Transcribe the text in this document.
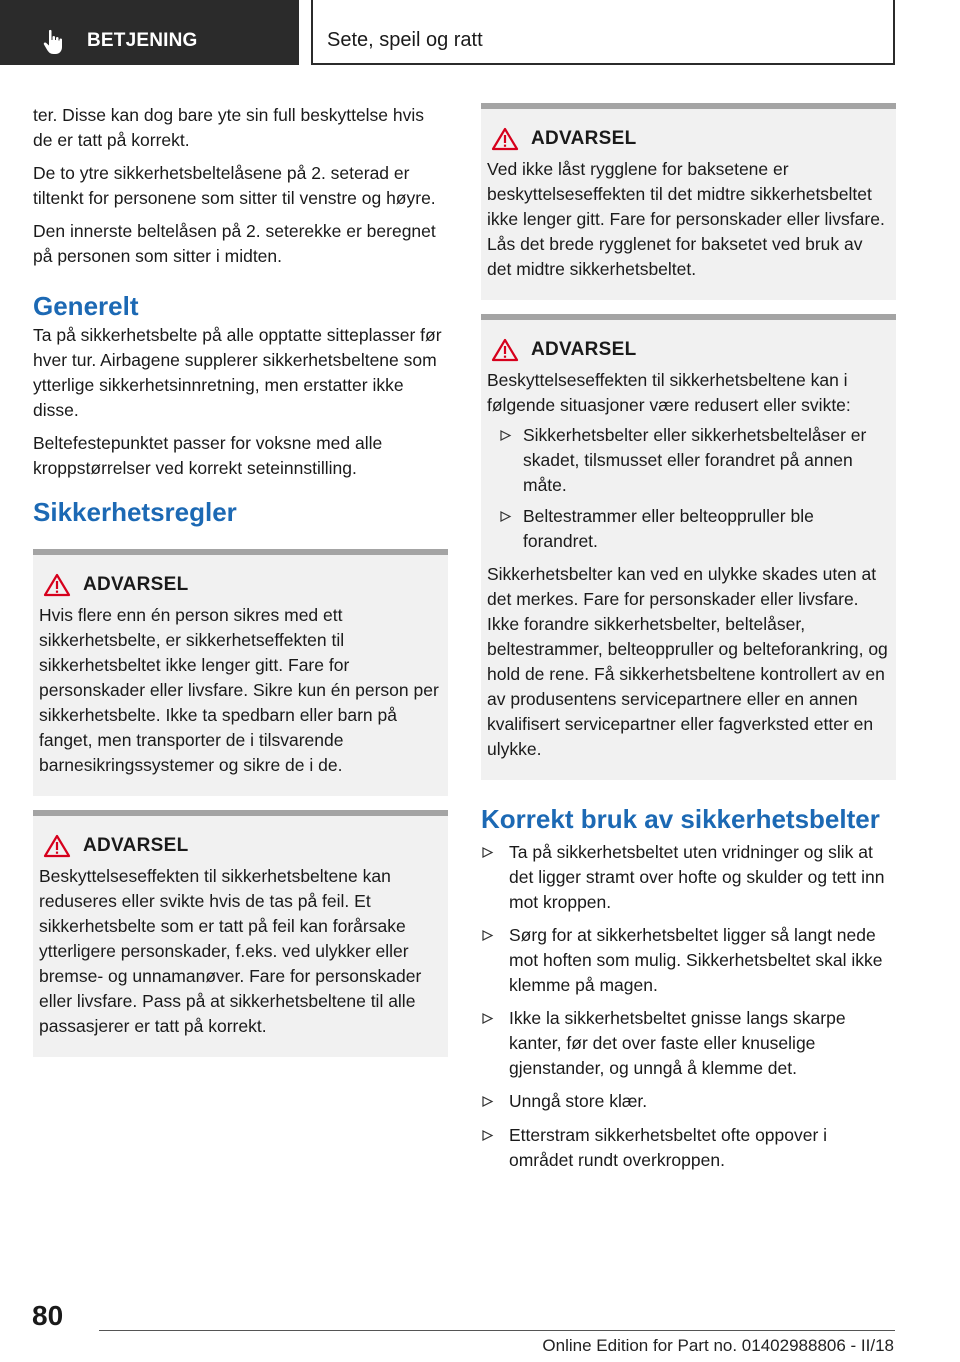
BETJENING	Sete, speil og ratt

ter. Disse kan dog bare yte sin full beskyttelse hvis de er tatt på korrekt.

De to ytre sikkerhetsbeltelåsene på 2. seterad er tiltenkt for personene som sitter til venstre og høyre.

Den innerste beltelåsen på 2. seterekke er beregnet på personen som sitter i midten.

Generelt

Ta på sikkerhetsbelte på alle opptatte sitteplasser før hver tur. Airbagene supplerer sikkerhetsbeltene som ytterlige sikkerhetsinnretning, men erstatter ikke disse.

Beltefestepunktet passer for voksne med alle kroppstørrelser ved korrekt seteinnstilling.

Sikkerhetsregler
ADVARSEL

Hvis flere enn én person sikres med ett sikkerhetsbelte, er sikkerhetseffekten til sikkerhetsbeltet ikke lenger gitt. Fare for personskader eller livsfare. Sikre kun én person per sikkerhetsbelte. Ikke ta spedbarn eller barn på fanget, men transporter de i tilsvarende barnesikringssystemer og sikre de i de.

ADVARSEL

Beskyttelseseffekten til sikkerhetsbeltene kan reduseres eller svikte hvis de tas på feil. Et sikkerhetsbelte som er tatt på feil kan forårsake ytterligere personskader, f.eks. ved ulykker eller bremse- og unnamanøver. Fare for personskader eller livsfare. Pass på at sikkerhetsbeltene til alle passasjerer er tatt på korrekt.

ADVARSEL

Ved ikke låst rygglene for baksetene er beskyttelseseffekten til det midtre sikkerhetsbeltet ikke lenger gitt. Fare for personskader eller livsfare. Lås det brede rygglenet for baksetet ved bruk av det midtre sikkerhetsbeltet.

ADVARSEL

Beskyttelseseffekten til sikkerhetsbeltene kan i følgende situasjoner være redusert eller svikte:

Sikkerhetsbelter eller sikkerhetsbeltelåser er skadet, tilsmusset eller forandret på annen måte.
Beltestrammer eller belteoppruller ble forandret.

Sikkerhetsbelter kan ved en ulykke skades uten at det merkes. Fare for personskader eller livsfare. Ikke forandre sikkerhetsbelter, beltelåser, beltestrammer, belteoppruller og belteforankring, og hold de rene. Få sikkerhetsbeltene kontrollert av en av produsentens servicepartnere eller en annen kvalifisert servicepartner eller fagverksted etter en ulykke.

Korrekt bruk av sikkerhetsbelter
Ta på sikkerhetsbeltet uten vridninger og slik at det ligger stramt over hofte og skulder og tett inn mot kroppen.
Sørg for at sikkerhetsbeltet ligger så langt nede mot hoften som mulig. Sikkerhetsbeltet skal ikke klemme på magen.
Ikke la sikkerhetsbeltet gnisse langs skarpe kanter, før det over faste eller knuselige gjenstander, og unngå å klemme det.
Unngå store klær.
Etterstram sikkerhetsbeltet ofte oppover i området rundt overkroppen.
80
Online Edition for Part no. 01402988806 - II/18
